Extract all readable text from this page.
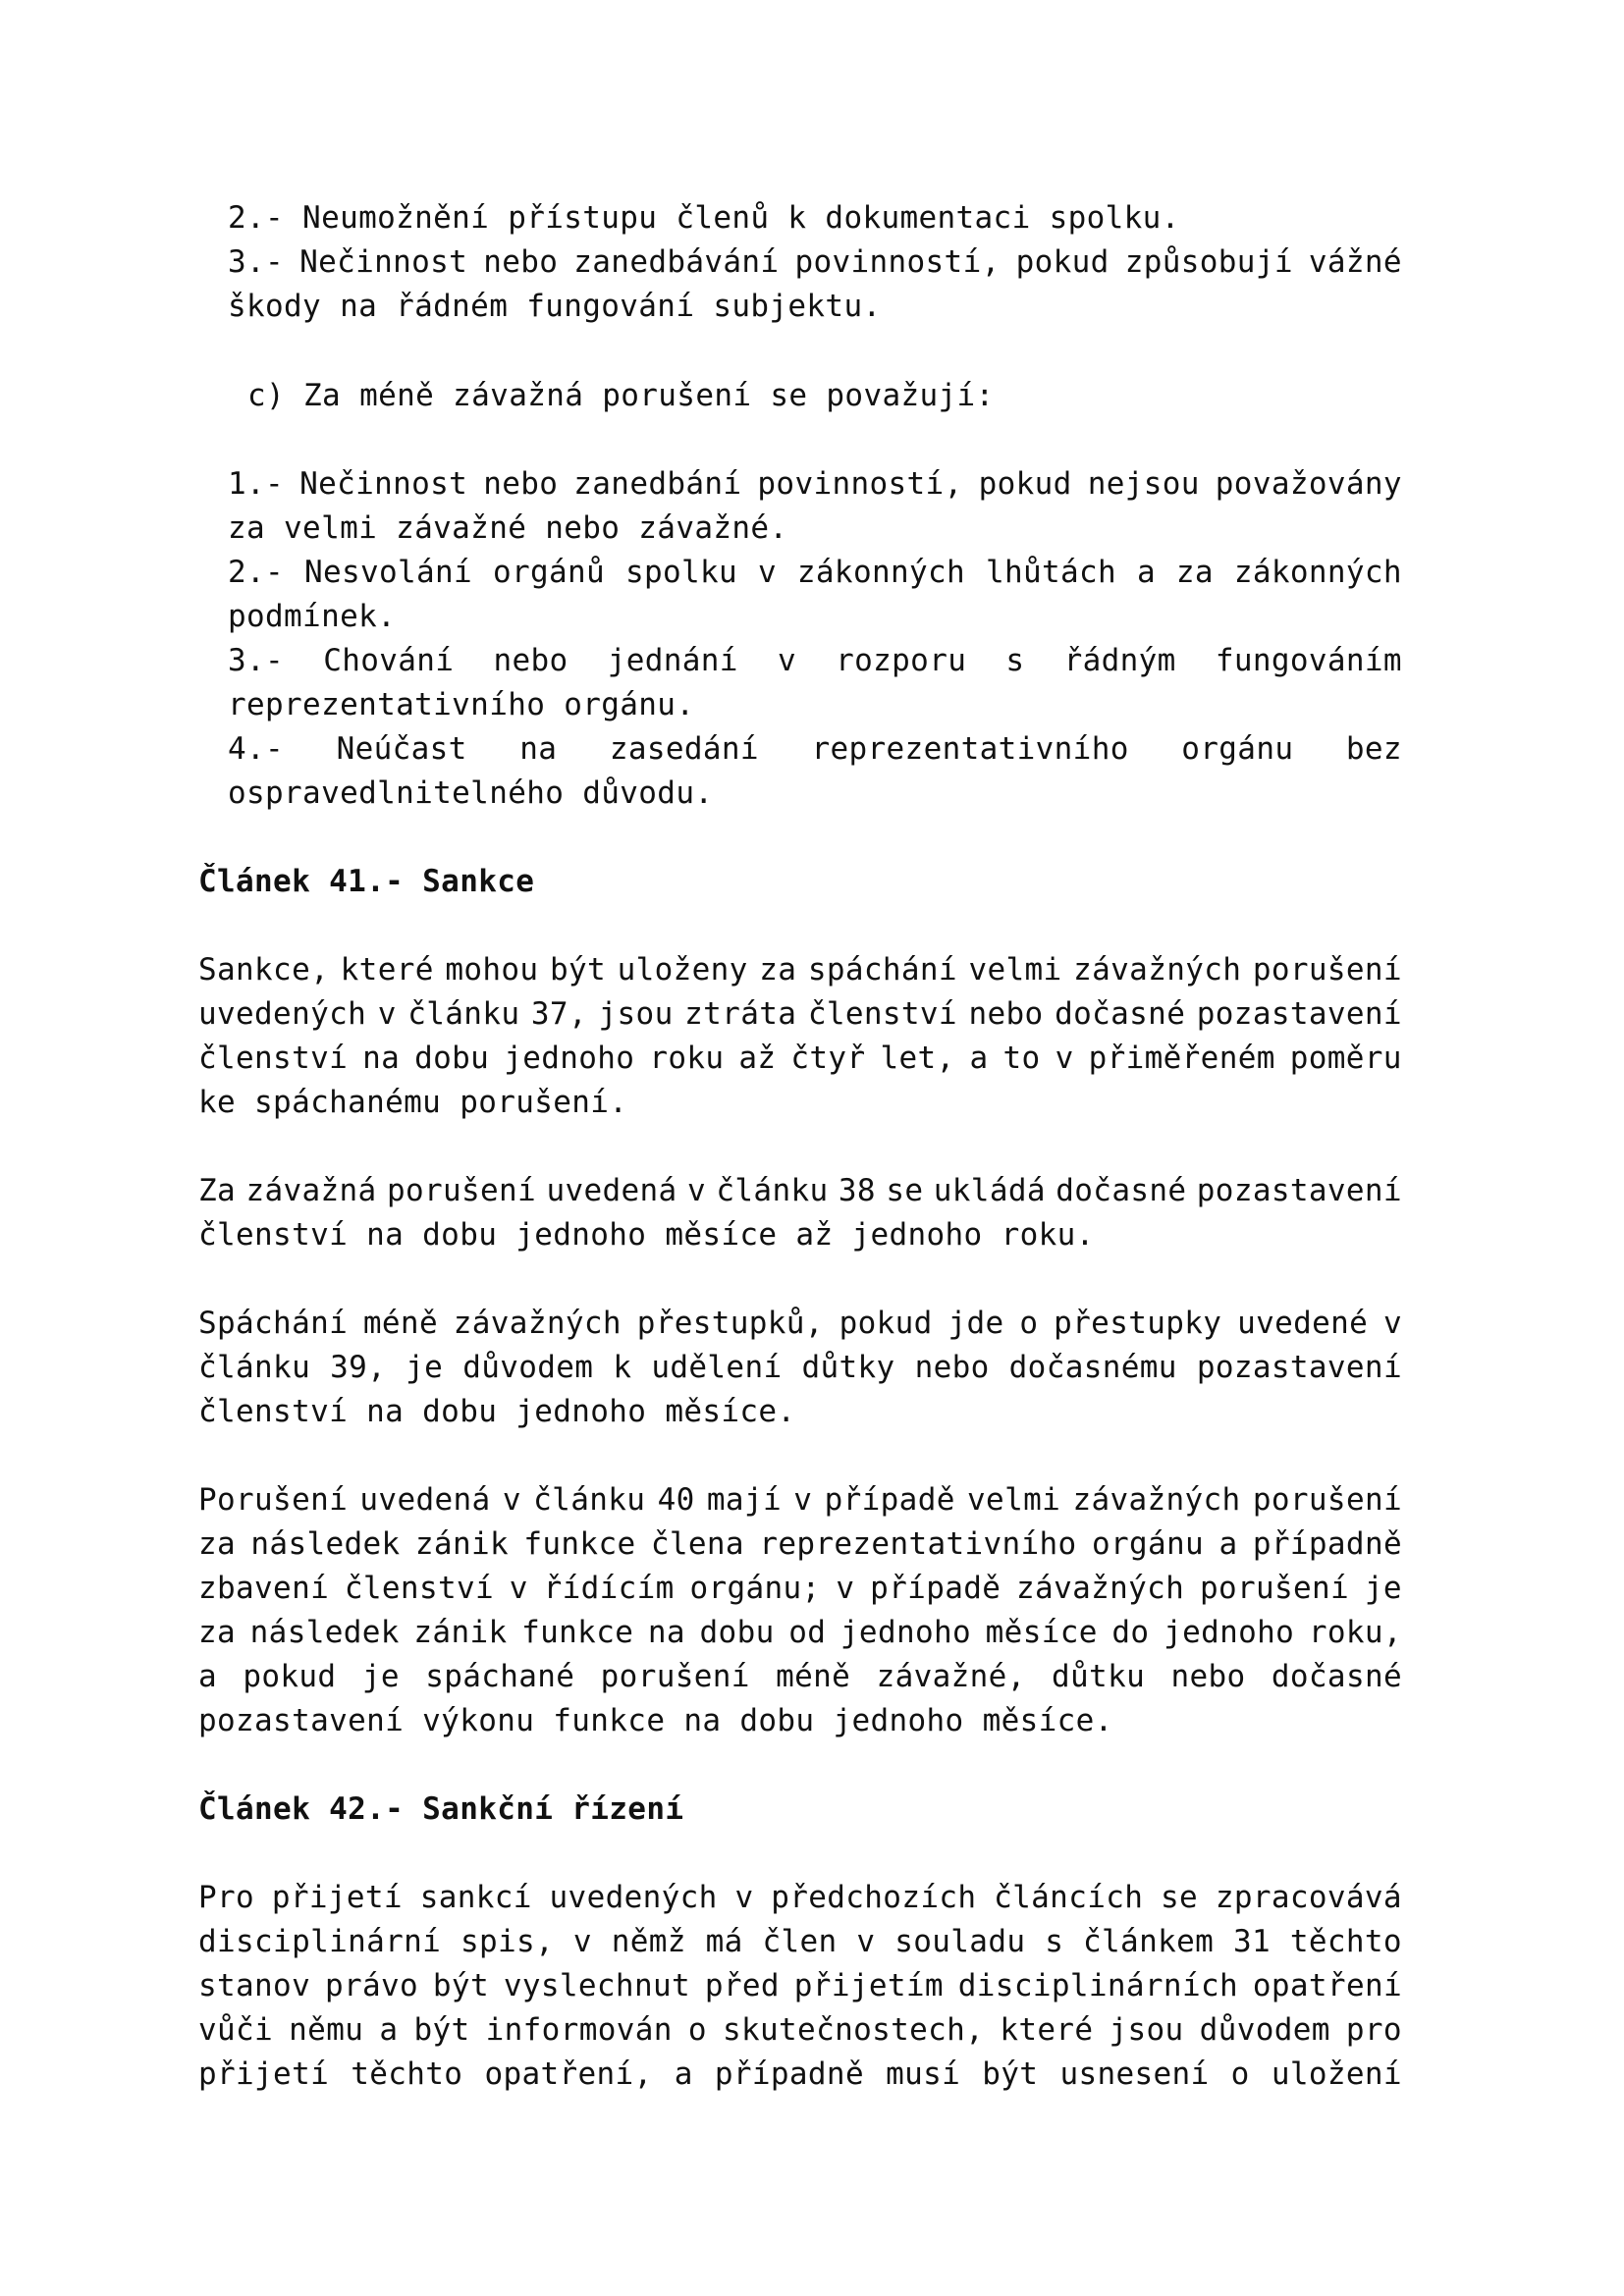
2.- Neumožnění přístupu členů k dokumentaci spolku.
3.- Nečinnost nebo zanedbávání povinností, pokud způsobují vážné
škody na řádném fungování subjektu.
c) Za méně závažná porušení se považují:
1.- Nečinnost nebo zanedbání povinností, pokud nejsou považovány
za velmi závažné nebo závažné.
2.- Nesvolání orgánů spolku v zákonných lhůtách a za zákonných
podmínek.
3.- Chování nebo jednání v rozporu s řádným fungováním
reprezentativního orgánu.
4.- Neúčast na zasedání reprezentativního orgánu bez
ospravedlnitelného důvodu.
Článek 41.- Sankce
Sankce, které mohou být uloženy za spáchání velmi závažných porušení
uvedených v článku 37, jsou ztráta členství nebo dočasné pozastavení
členství na dobu jednoho roku až čtyř let, a to v přiměřeném poměru
ke spáchanému porušení.
Za závažná porušení uvedená v článku 38 se ukládá dočasné pozastavení
členství na dobu jednoho měsíce až jednoho roku.
Spáchání méně závažných přestupků, pokud jde o přestupky uvedené v
článku 39, je důvodem k udělení důtky nebo dočasnému pozastavení
členství na dobu jednoho měsíce.
Porušení uvedená v článku 40 mají v případě velmi závažných porušení
za následek zánik funkce člena reprezentativního orgánu a případně
zbavení členství v řídícím orgánu; v případě závažných porušení je
za následek zánik funkce na dobu od jednoho měsíce do jednoho roku,
a pokud je spáchané porušení méně závažné, důtku nebo dočasné
pozastavení výkonu funkce na dobu jednoho měsíce.
Článek 42.- Sankční řízení
Pro přijetí sankcí uvedených v předchozích článcích se zpracovává
disciplinární spis, v němž má člen v souladu s článkem 31 těchto
stanov právo být vyslechnut před přijetím disciplinárních opatření
vůči němu a být informován o skutečnostech, které jsou důvodem pro
přijetí těchto opatření, a případně musí být usnesení o uložení
